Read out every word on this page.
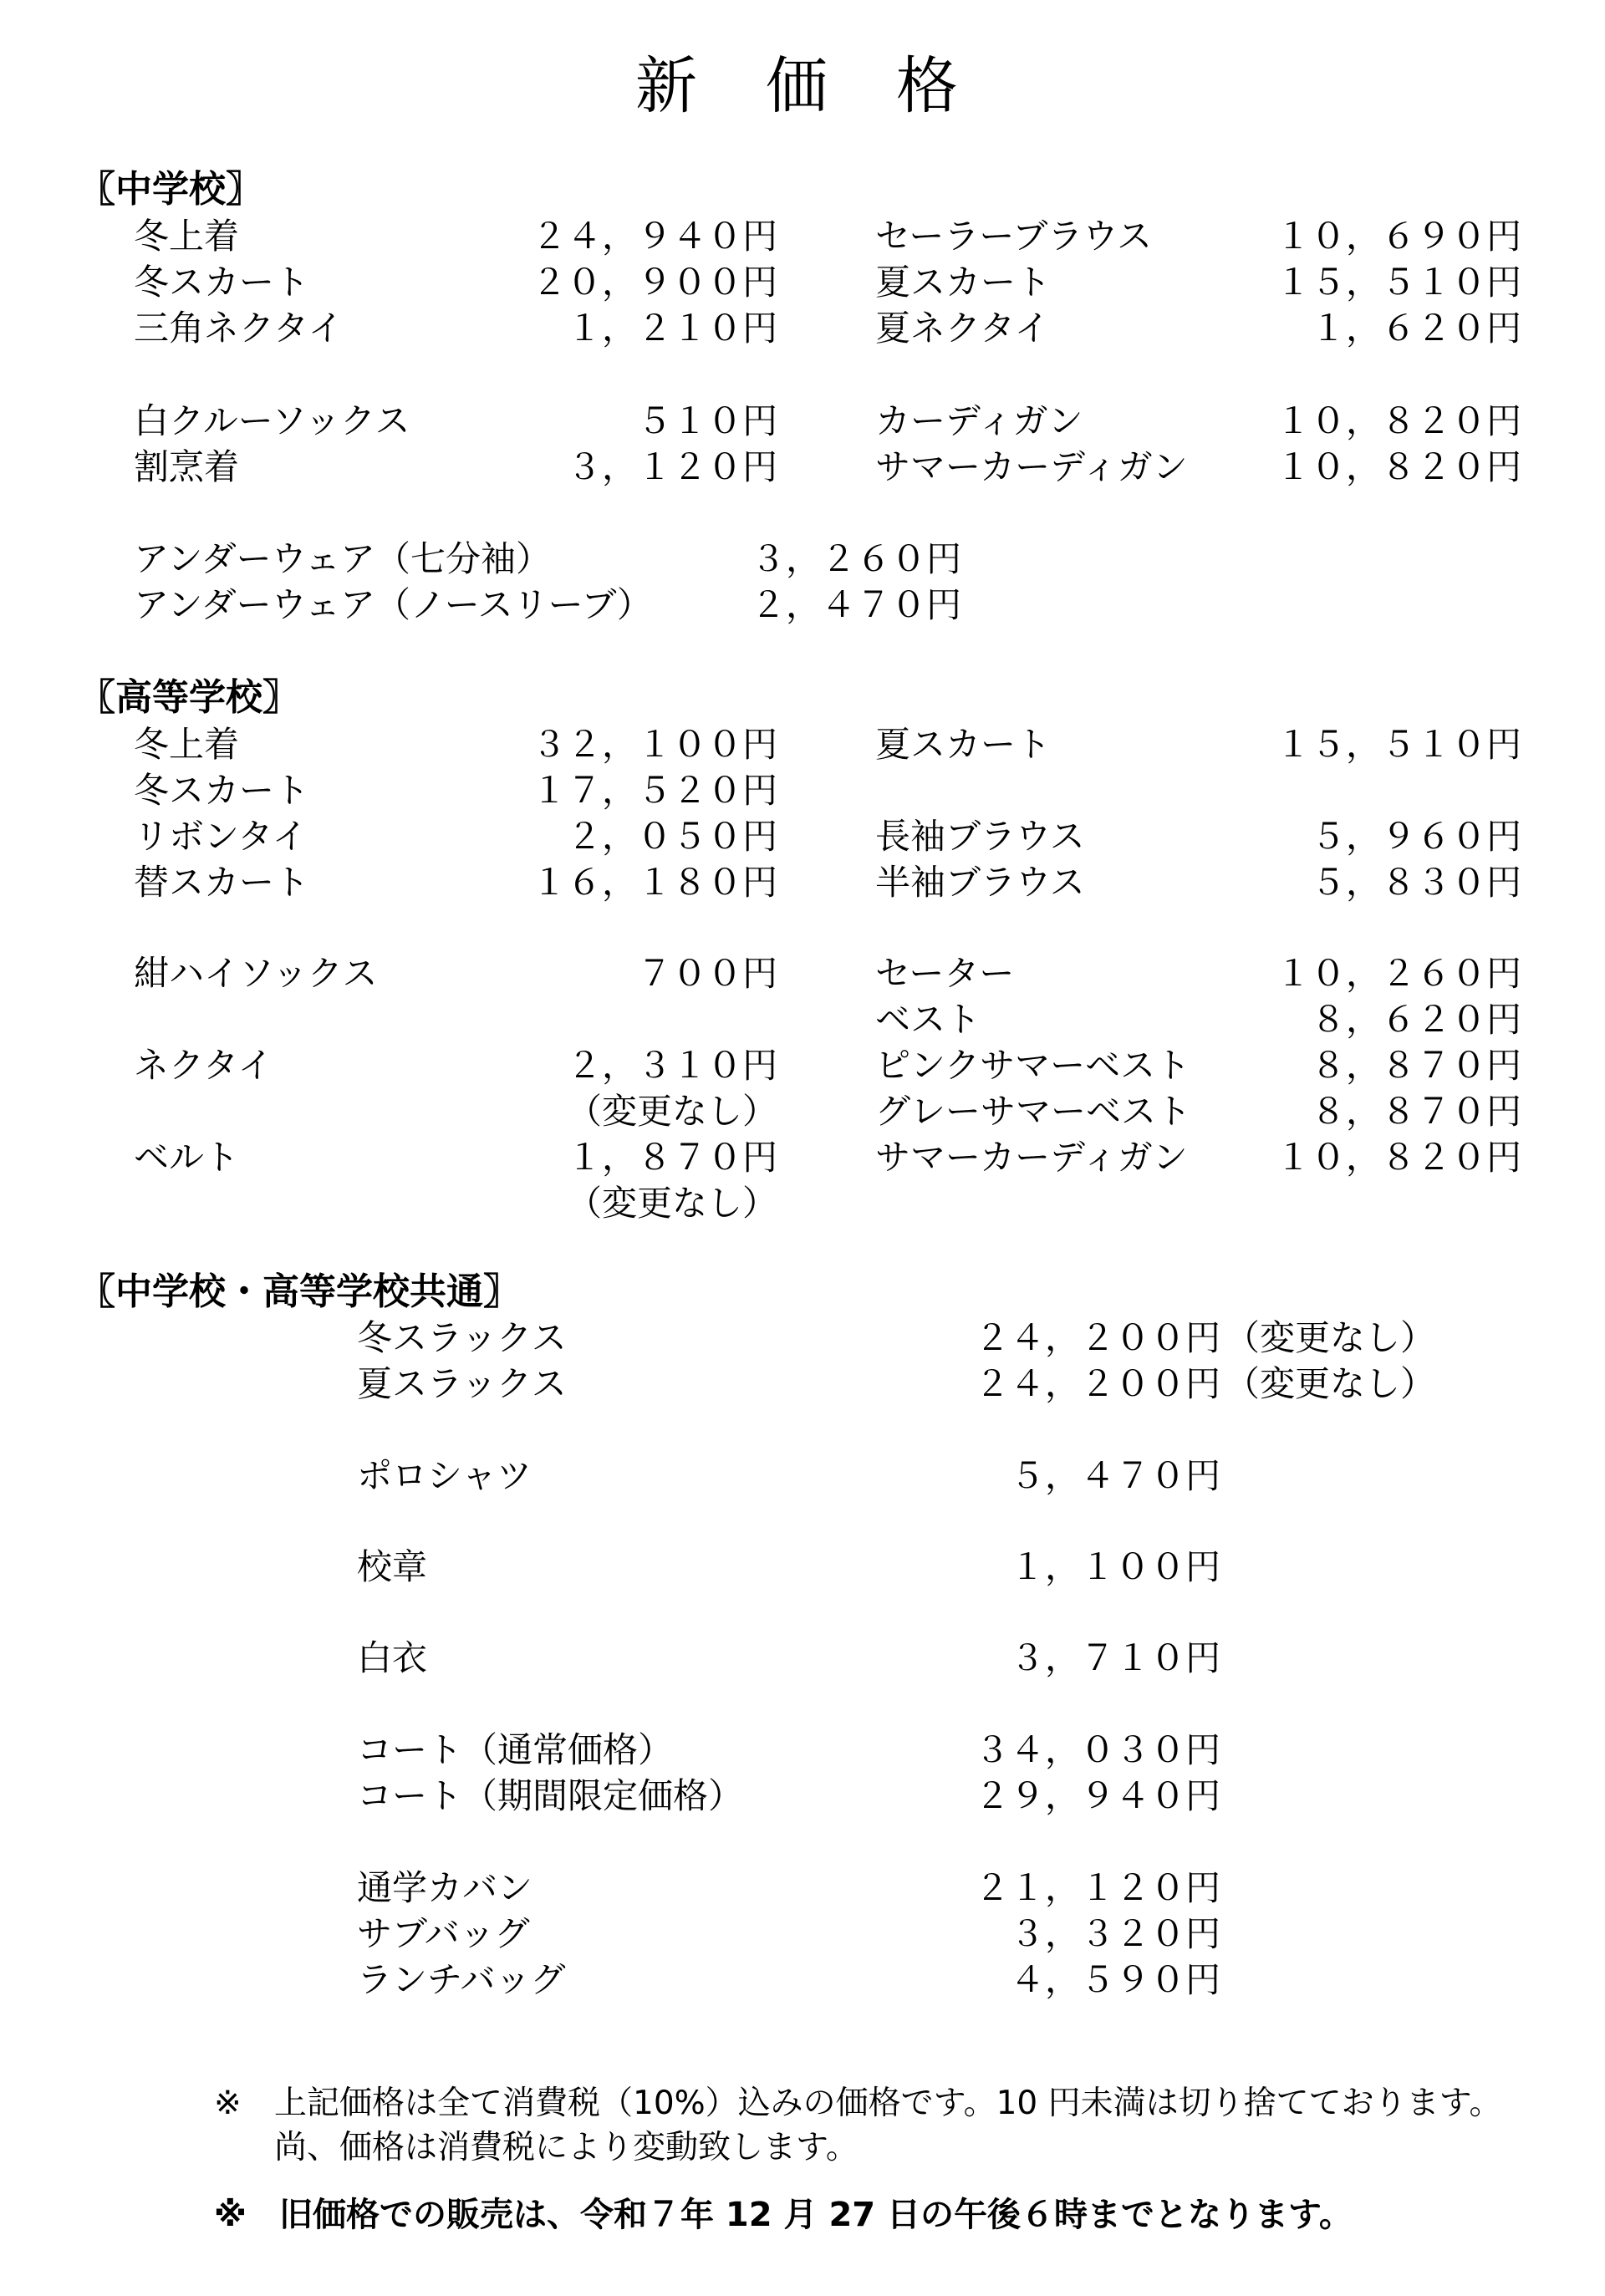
新　価　格
〖中学校〗
冬上着	２４，９４０円
冬スカート	２０，９００円
三角ネクタイ	１，２１０円
白クルーソックス	５１０円
割烹着	３，１２０円
セーラーブラウス	１０，６９０円
夏スカート	１５，５１０円
夏ネクタイ	１，６２０円
カーディガン	１０，８２０円
サマーカーディガン	１０，８２０円
アンダーウェア（七分袖）	３，２６０円
アンダーウェア（ノースリーブ）	２，４７０円
〖高等学校〗
冬上着	３２，１００円
冬スカート	１７，５２０円
リボンタイ	２，０５０円
替スカート	１６，１８０円
紺ハイソックス	７００円
ネクタイ	２，３１０円
（変更なし）
ベルト	１，８７０円
（変更なし）
夏スカート	１５，５１０円
長袖ブラウス	５，９６０円
半袖ブラウス	５，８３０円
セーター	１０，２６０円
ベスト	８，６２０円
ピンクサマーベスト	８，８７０円
グレーサマーベスト	８，８７０円
サマーカーディガン	１０，８２０円
〖中学校・高等学校共通〗
冬スラックス	２４，２００円 （変更なし）
夏スラックス	２４，２００円 （変更なし）
ポロシャツ	５，４７０円
校章	１，１００円
白衣	３，７１０円
コート（通常価格）	３４，０３０円
コート（期間限定価格）	２９，９４０円
通学カバン	２１，１２０円
サブバッグ	３，３２０円
ランチバッグ	４，５９０円
※ 上記価格は全て消費税（10%）込みの価格です。10 円未満は切り捨てております。
尚、価格は消費税により変動致します。
※ 旧価格での販売は、令和７年 12 月 27 日の午後６時までとなります。
